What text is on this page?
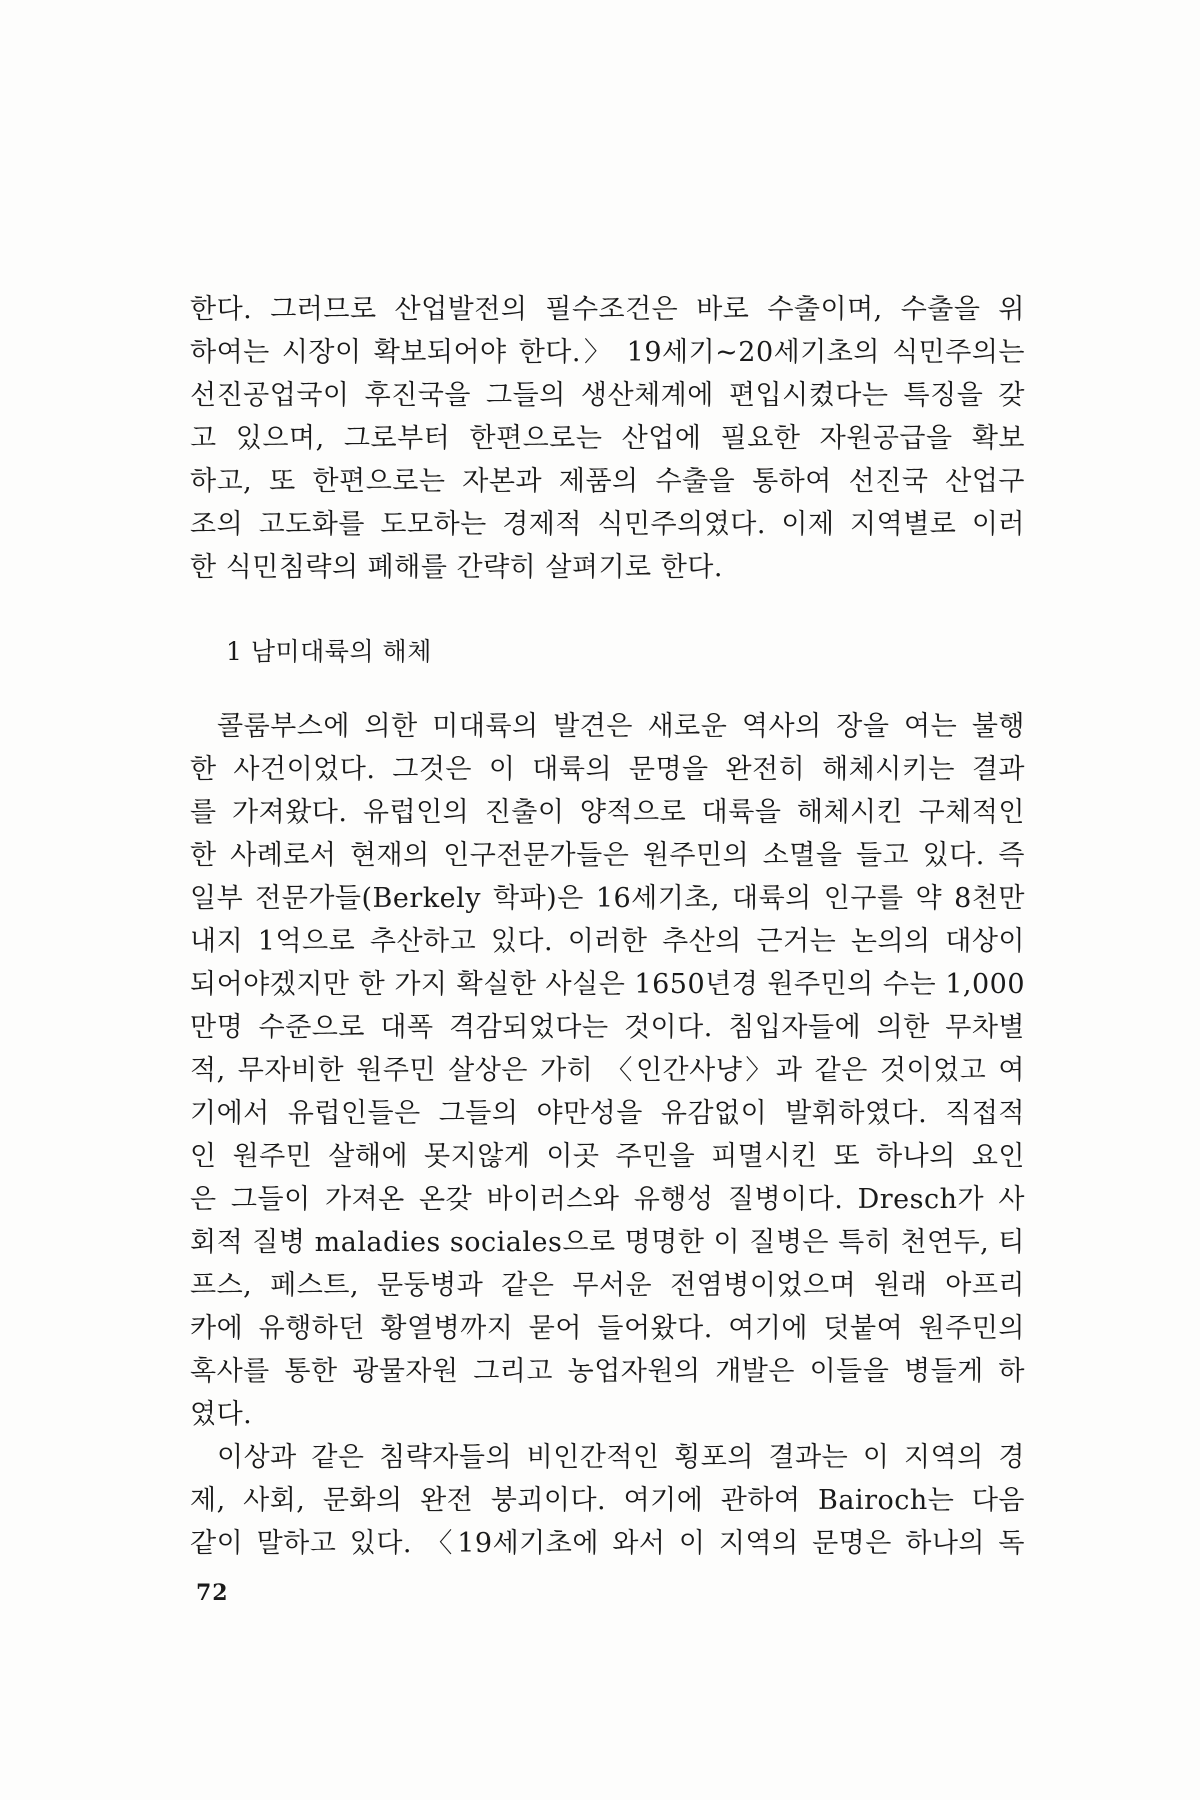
한다. 그러므로 산업발전의 필수조건은 바로 수출이며, 수출을 위
하여는 시장이 확보되어야 한다.〉 19세기~20세기초의 식민주의는
선진공업국이 후진국을 그들의 생산체계에 편입시켰다는 특징을 갖
고 있으며, 그로부터 한편으로는 산업에 필요한 자원공급을 확보
하고, 또 한편으로는 자본과 제품의 수출을 통하여 선진국 산업구
조의 고도화를 도모하는 경제적 식민주의였다. 이제 지역별로 이러
한 식민침략의 폐해를 간략히 살펴기로 한다.
1 남미대륙의 해체
콜룸부스에 의한 미대륙의 발견은 새로운 역사의 장을 여는 불행
한 사건이었다. 그것은 이 대륙의 문명을 완전히 해체시키는 결과
를 가져왔다. 유럽인의 진출이 양적으로 대륙을 해체시킨 구체적인
한 사례로서 현재의 인구전문가들은 원주민의 소멸을 들고 있다. 즉
일부 전문가들(Berkely 학파)은 16세기초, 대륙의 인구를 약 8천만
내지 1억으로 추산하고 있다. 이러한 추산의 근거는 논의의 대상이
되어야겠지만 한 가지 확실한 사실은 1650년경 원주민의 수는 1,000
만명 수준으로 대폭 격감되었다는 것이다. 침입자들에 의한 무차별
적, 무자비한 원주민 살상은 가히 〈인간사냥〉과 같은 것이었고 여
기에서 유럽인들은 그들의 야만성을 유감없이 발휘하였다. 직접적
인 원주민 살해에 못지않게 이곳 주민을 피멸시킨 또 하나의 요인
은 그들이 가져온 온갖 바이러스와 유행성 질병이다. Dresch가 사
회적 질병 maladies sociales으로 명명한 이 질병은 특히 천연두, 티
프스, 페스트, 문둥병과 같은 무서운 전염병이었으며 원래 아프리
카에 유행하던 황열병까지 묻어 들어왔다. 여기에 덧붙여 원주민의
혹사를 통한 광물자원 그리고 농업자원의 개발은 이들을 병들게 하
였다.
이상과 같은 침략자들의 비인간적인 횡포의 결과는 이 지역의 경
제, 사회, 문화의 완전 붕괴이다. 여기에 관하여 Bairoch는 다음
같이 말하고 있다. 〈19세기초에 와서 이 지역의 문명은 하나의 독
72
